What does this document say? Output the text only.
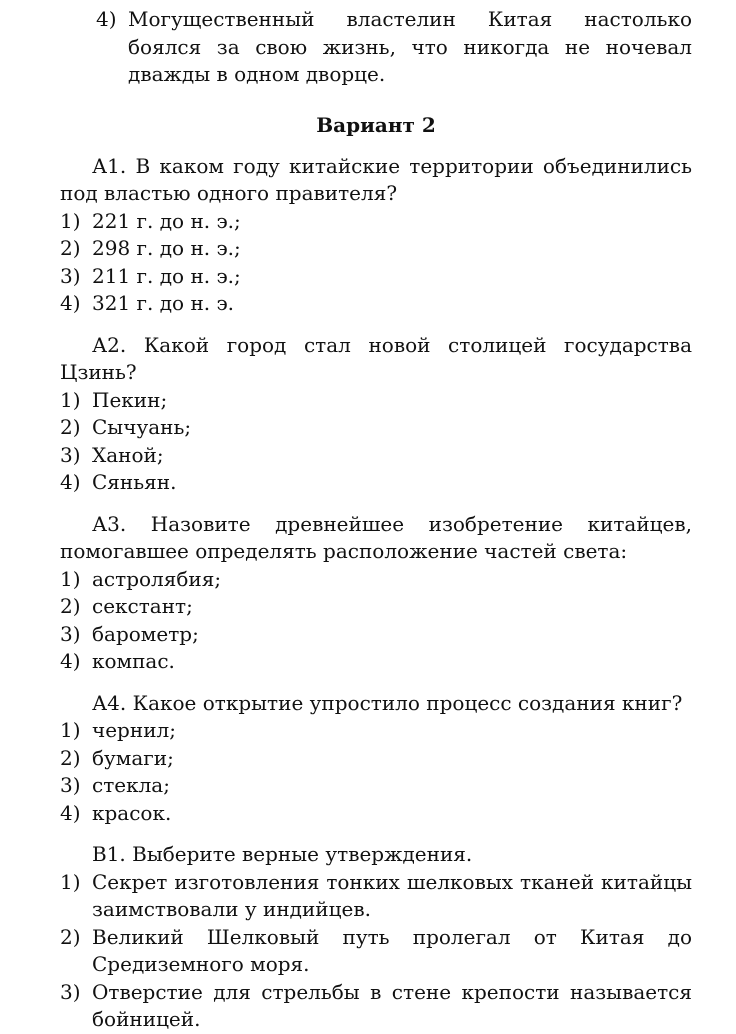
4) Могущественный властелин Китая настолько боялся за свою жизнь, что никогда не ночевал дважды в одном дворце.
Вариант 2
А1. В каком году китайские территории объединились под властью одного правителя?
1) 221 г. до н. э.;
2) 298 г. до н. э.;
3) 211 г. до н. э.;
4) 321 г. до н. э.
А2. Какой город стал новой столицей государства Цзинь?
1) Пекин;
2) Сычуань;
3) Ханой;
4) Сяньян.
А3. Назовите древнейшее изобретение китайцев, помогавшее определять расположение частей света:
1) астролябия;
2) секстант;
3) барометр;
4) компас.
А4. Какое открытие упростило процесс создания книг?
1) чернил;
2) бумаги;
3) стекла;
4) красок.
В1. Выберите верные утверждения.
1) Секрет изготовления тонких шелковых тканей китайцы заимствовали у индийцев.
2) Великий Шелковый путь пролегал от Китая до Средиземного моря.
3) Отверстие для стрельбы в стене крепости называется бойницей.
